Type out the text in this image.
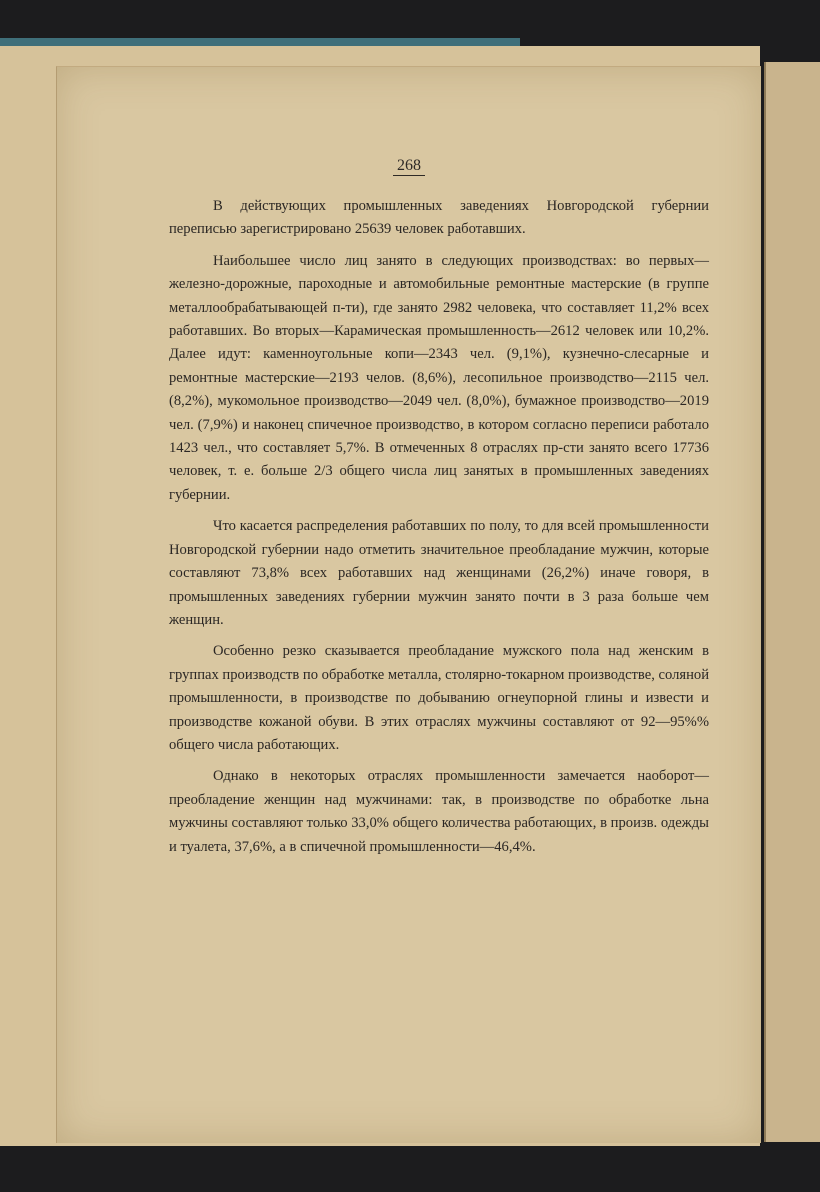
268

В действующих промышленных заведениях Новгородской губернии переписью зарегистрировано 25639 человек работавших.

Наибольшее число лиц занято в следующих производствах: во первых—железно-дорожные, пароходные и автомобильные ремонтные мастерские (в группе металлообрабатывающей п-ти), где занято 2982 человека, что составляет 11,2% всех работавших. Во вторых—Карамическая промышленность—2612 человек или 10,2%. Далее идут: каменноугольные копи—2343 чел. (9,1%), кузнечно-слесарные и ремонтные мастерские—2193 челов. (8,6%), лесопильное производство—2115 чел. (8,2%), мукомольное производство—2049 чел. (8,0%), бумажное производство—2019 чел. (7,9%) и наконец спичечное производство, в котором согласно переписи работало 1423 чел., что составляет 5,7%. В отмеченных 8 отраслях пр-сти занято всего 17736 человек, т. е. больше 2/3 общего числа лиц занятых в промышленных заведениях губернии.

Что касается распределения работавших по полу, то для всей промышленности Новгородской губернии надо отметить значительное преобладание мужчин, которые составляют 73,8% всех работавших над женщинами (26,2%) иначе говоря, в промышленных заведениях губернии мужчин занято почти в 3 раза больше чем женщин.

Особенно резко сказывается преобладание мужского пола над женским в группах производств по обработке металла, столярно-токарном производстве, соляной промышленности, в производстве по добыванию огнеупорной глины и извести и производстве кожаной обуви. В этих отраслях мужчины составляют от 92—95%% общего числа работающих.

Однако в некоторых отраслях промышленности замечается наоборот—преобладение женщин над мужчинами: так, в производстве по обработке льна мужчины составляют только 33,0% общего количества работающих, в произв. одежды и туалета, 37,6%, а в спичечной промышленности—46,4%.
